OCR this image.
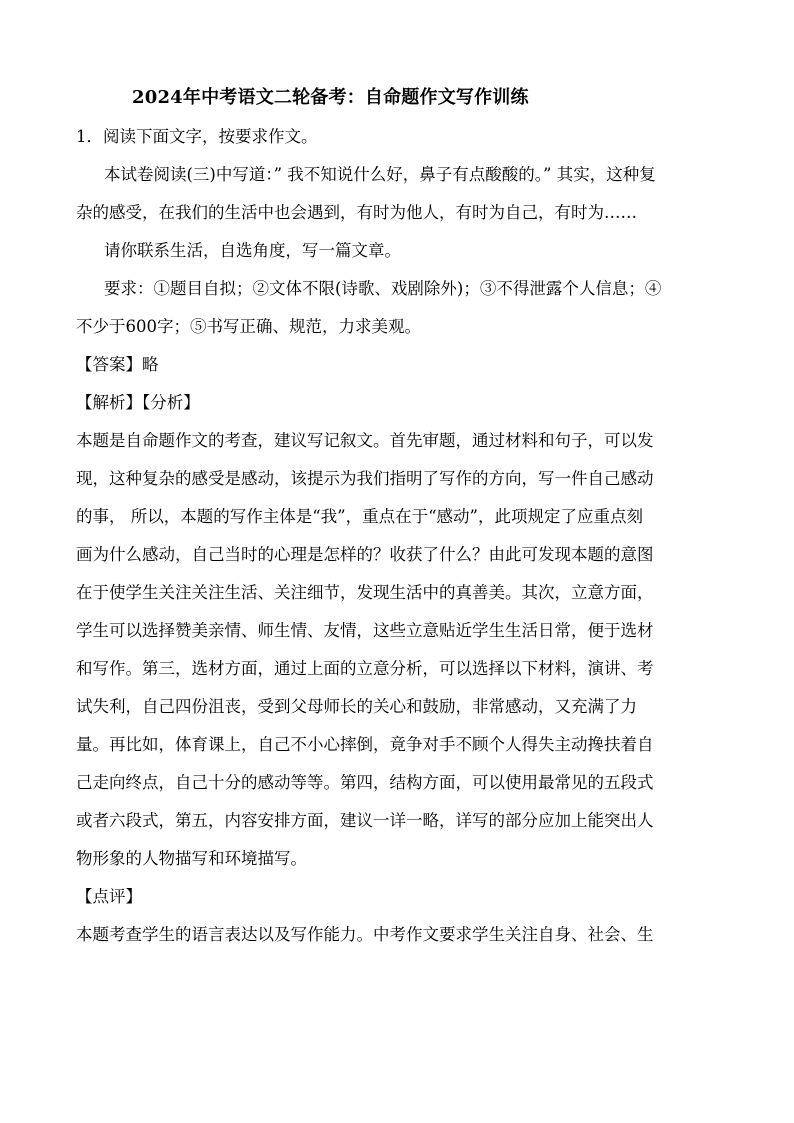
2024年中考语文二轮备考：自命题作文写作训练
1．阅读下面文字，按要求作文。
本试卷阅读(三)中写道：” 我不知说什么好，鼻子有点酸酸的。” 其实，这种复
杂的感受，在我们的生活中也会遇到，有时为他人，有时为自己，有时为……
请你联系生活，自选角度，写一篇文章。
要求：①题目自拟；②文体不限(诗歌、戏剧除外)；③不得泄露个人信息；④
不少于600字；⑤书写正确、规范，力求美观。
【答案】略
【解析】【分析】
本题是自命题作文的考查，建议写记叙文。首先审题，通过材料和句子，可以发
现，这种复杂的感受是感动，该提示为我们指明了写作的方向，写一件自己感动
的事， 所以，本题的写作主体是“我”，重点在于“感动”，此项规定了应重点刻
画为什么感动，自己当时的心理是怎样的？收获了什么？由此可发现本题的意图
在于使学生关注关注生活、关注细节，发现生活中的真善美。其次，立意方面，
学生可以选择赞美亲情、师生情、友情，这些立意贴近学生生活日常，便于选材
和写作。第三，选材方面，通过上面的立意分析，可以选择以下材料，演讲、考
试失利，自己四份沮丧，受到父母师长的关心和鼓励，非常感动，又充满了力
量。再比如，体育课上，自己不小心摔倒，竟争对手不顾个人得失主动搀扶着自
己走向终点，自己十分的感动等等。第四，结构方面，可以使用最常见的五段式
或者六段式，第五，内容安排方面，建议一详一略，详写的部分应加上能突出人
物形象的人物描写和环境描写。
【点评】
本题考查学生的语言表达以及写作能力。中考作文要求学生关注自身、社会、生
